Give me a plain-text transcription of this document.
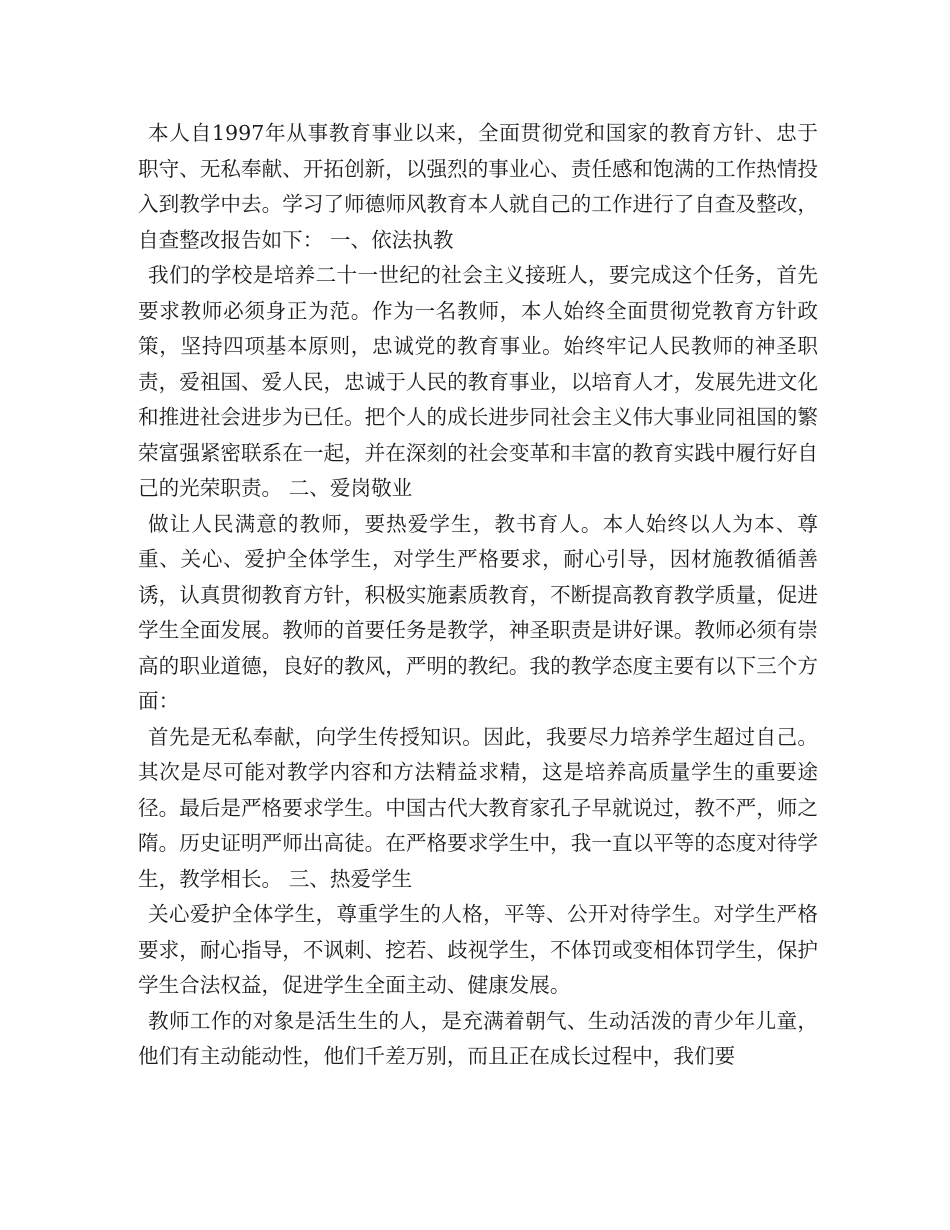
本人自1997年从事教育事业以来，全面贯彻党和国家的教育方针、忠于职守、无私奉献、开拓创新，以强烈的事业心、责任感和饱满的工作热情投入到教学中去。学习了师德师风教育本人就自己的工作进行了自查及整改，自查整改报告如下： 一、依法执教

我们的学校是培养二十一世纪的社会主义接班人，要完成这个任务，首先要求教师必须身正为范。作为一名教师，本人始终全面贯彻党教育方针政策，坚持四项基本原则，忠诚党的教育事业。始终牢记人民教师的神圣职责，爱祖国、爱人民，忠诚于人民的教育事业，以培育人才，发展先进文化和推进社会进步为已任。把个人的成长进步同社会主义伟大事业同祖国的繁荣富强紧密联系在一起，并在深刻的社会变革和丰富的教育实践中履行好自己的光荣职责。 二、爱岗敬业

做让人民满意的教师，要热爱学生，教书育人。本人始终以人为本、尊重、关心、爱护全体学生，对学生严格要求，耐心引导，因材施教循循善诱，认真贯彻教育方针，积极实施素质教育，不断提高教育教学质量，促进学生全面发展。教师的首要任务是教学，神圣职责是讲好课。教师必须有崇高的职业道德，良好的教风，严明的教纪。我的教学态度主要有以下三个方面：

首先是无私奉献，向学生传授知识。因此，我要尽力培养学生超过自己。其次是尽可能对教学内容和方法精益求精，这是培养高质量学生的重要途径。最后是严格要求学生。中国古代大教育家孔子早就说过，教不严，师之隋。历史证明严师出高徒。在严格要求学生中，我一直以平等的态度对待学生，教学相长。 三、热爱学生

关心爱护全体学生，尊重学生的人格，平等、公开对待学生。对学生严格要求，耐心指导，不讽刺、挖若、歧视学生，不体罚或变相体罚学生，保护学生合法权益，促进学生全面主动、健康发展。

教师工作的对象是活生生的人，是充满着朝气、生动活泼的青少年儿童，他们有主动能动性，他们千差万别，而且正在成长过程中，我们要
